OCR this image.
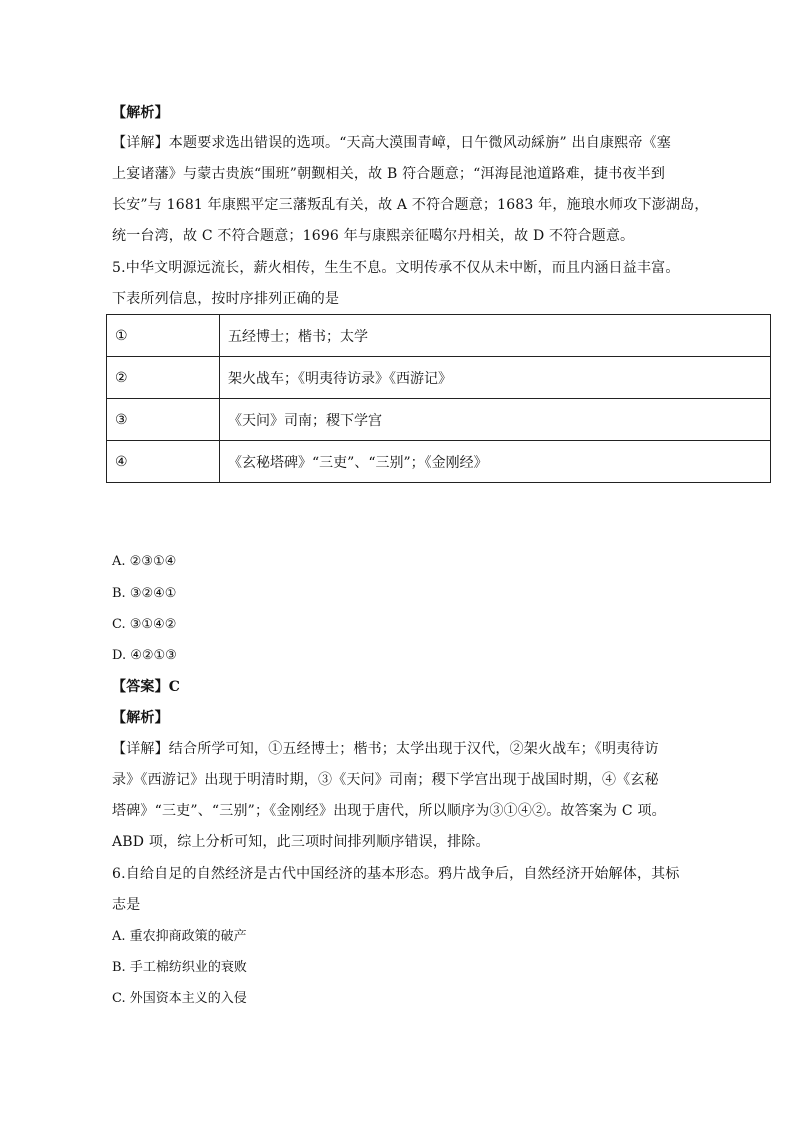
【解析】
【详解】本题要求选出错误的选项。“天高大漠围青嶂，日午微风动綵旃” 出自康熙帝《塞
上宴诸藩》与蒙古贵族“围班”朝觐相关，故 B 符合题意；“洱海昆池道路难，捷书夜半到
长安”与 1681 年康熙平定三藩叛乱有关，故 A 不符合题意；1683 年，施琅水师攻下澎湖岛，
统一台湾，故 C 不符合题意；1696 年与康熙亲征噶尔丹相关，故 D 不符合题意。
5.中华文明源远流长，薪火相传，生生不息。文明传承不仅从未中断，而且内涵日益丰富。
下表所列信息，按时序排列正确的是
①	五经博士；楷书；太学
②	架火战车；《明夷待访录》《西游记》
③	《天问》司南；稷下学宫
④	《玄秘塔碑》“三吏”、“三别”；《金刚经》
A. ②③①④
B. ③②④①
C. ③①④②
D. ④②①③
【答案】C
【解析】
【详解】结合所学可知，①五经博士；楷书；太学出现于汉代，②架火战车；《明夷待访
录》《西游记》出现于明清时期，③《天问》司南；稷下学宫出现于战国时期，④《玄秘
塔碑》“三吏”、“三别”；《金刚经》出现于唐代，所以顺序为③①④②。故答案为 C 项。
ABD 项，综上分析可知，此三项时间排列顺序错误，排除。
6.自给自足的自然经济是古代中国经济的基本形态。鸦片战争后，自然经济开始解体，其标
志是
A. 重农抑商政策的破产
B. 手工棉纺织业的衰败
C. 外国资本主义的入侵
